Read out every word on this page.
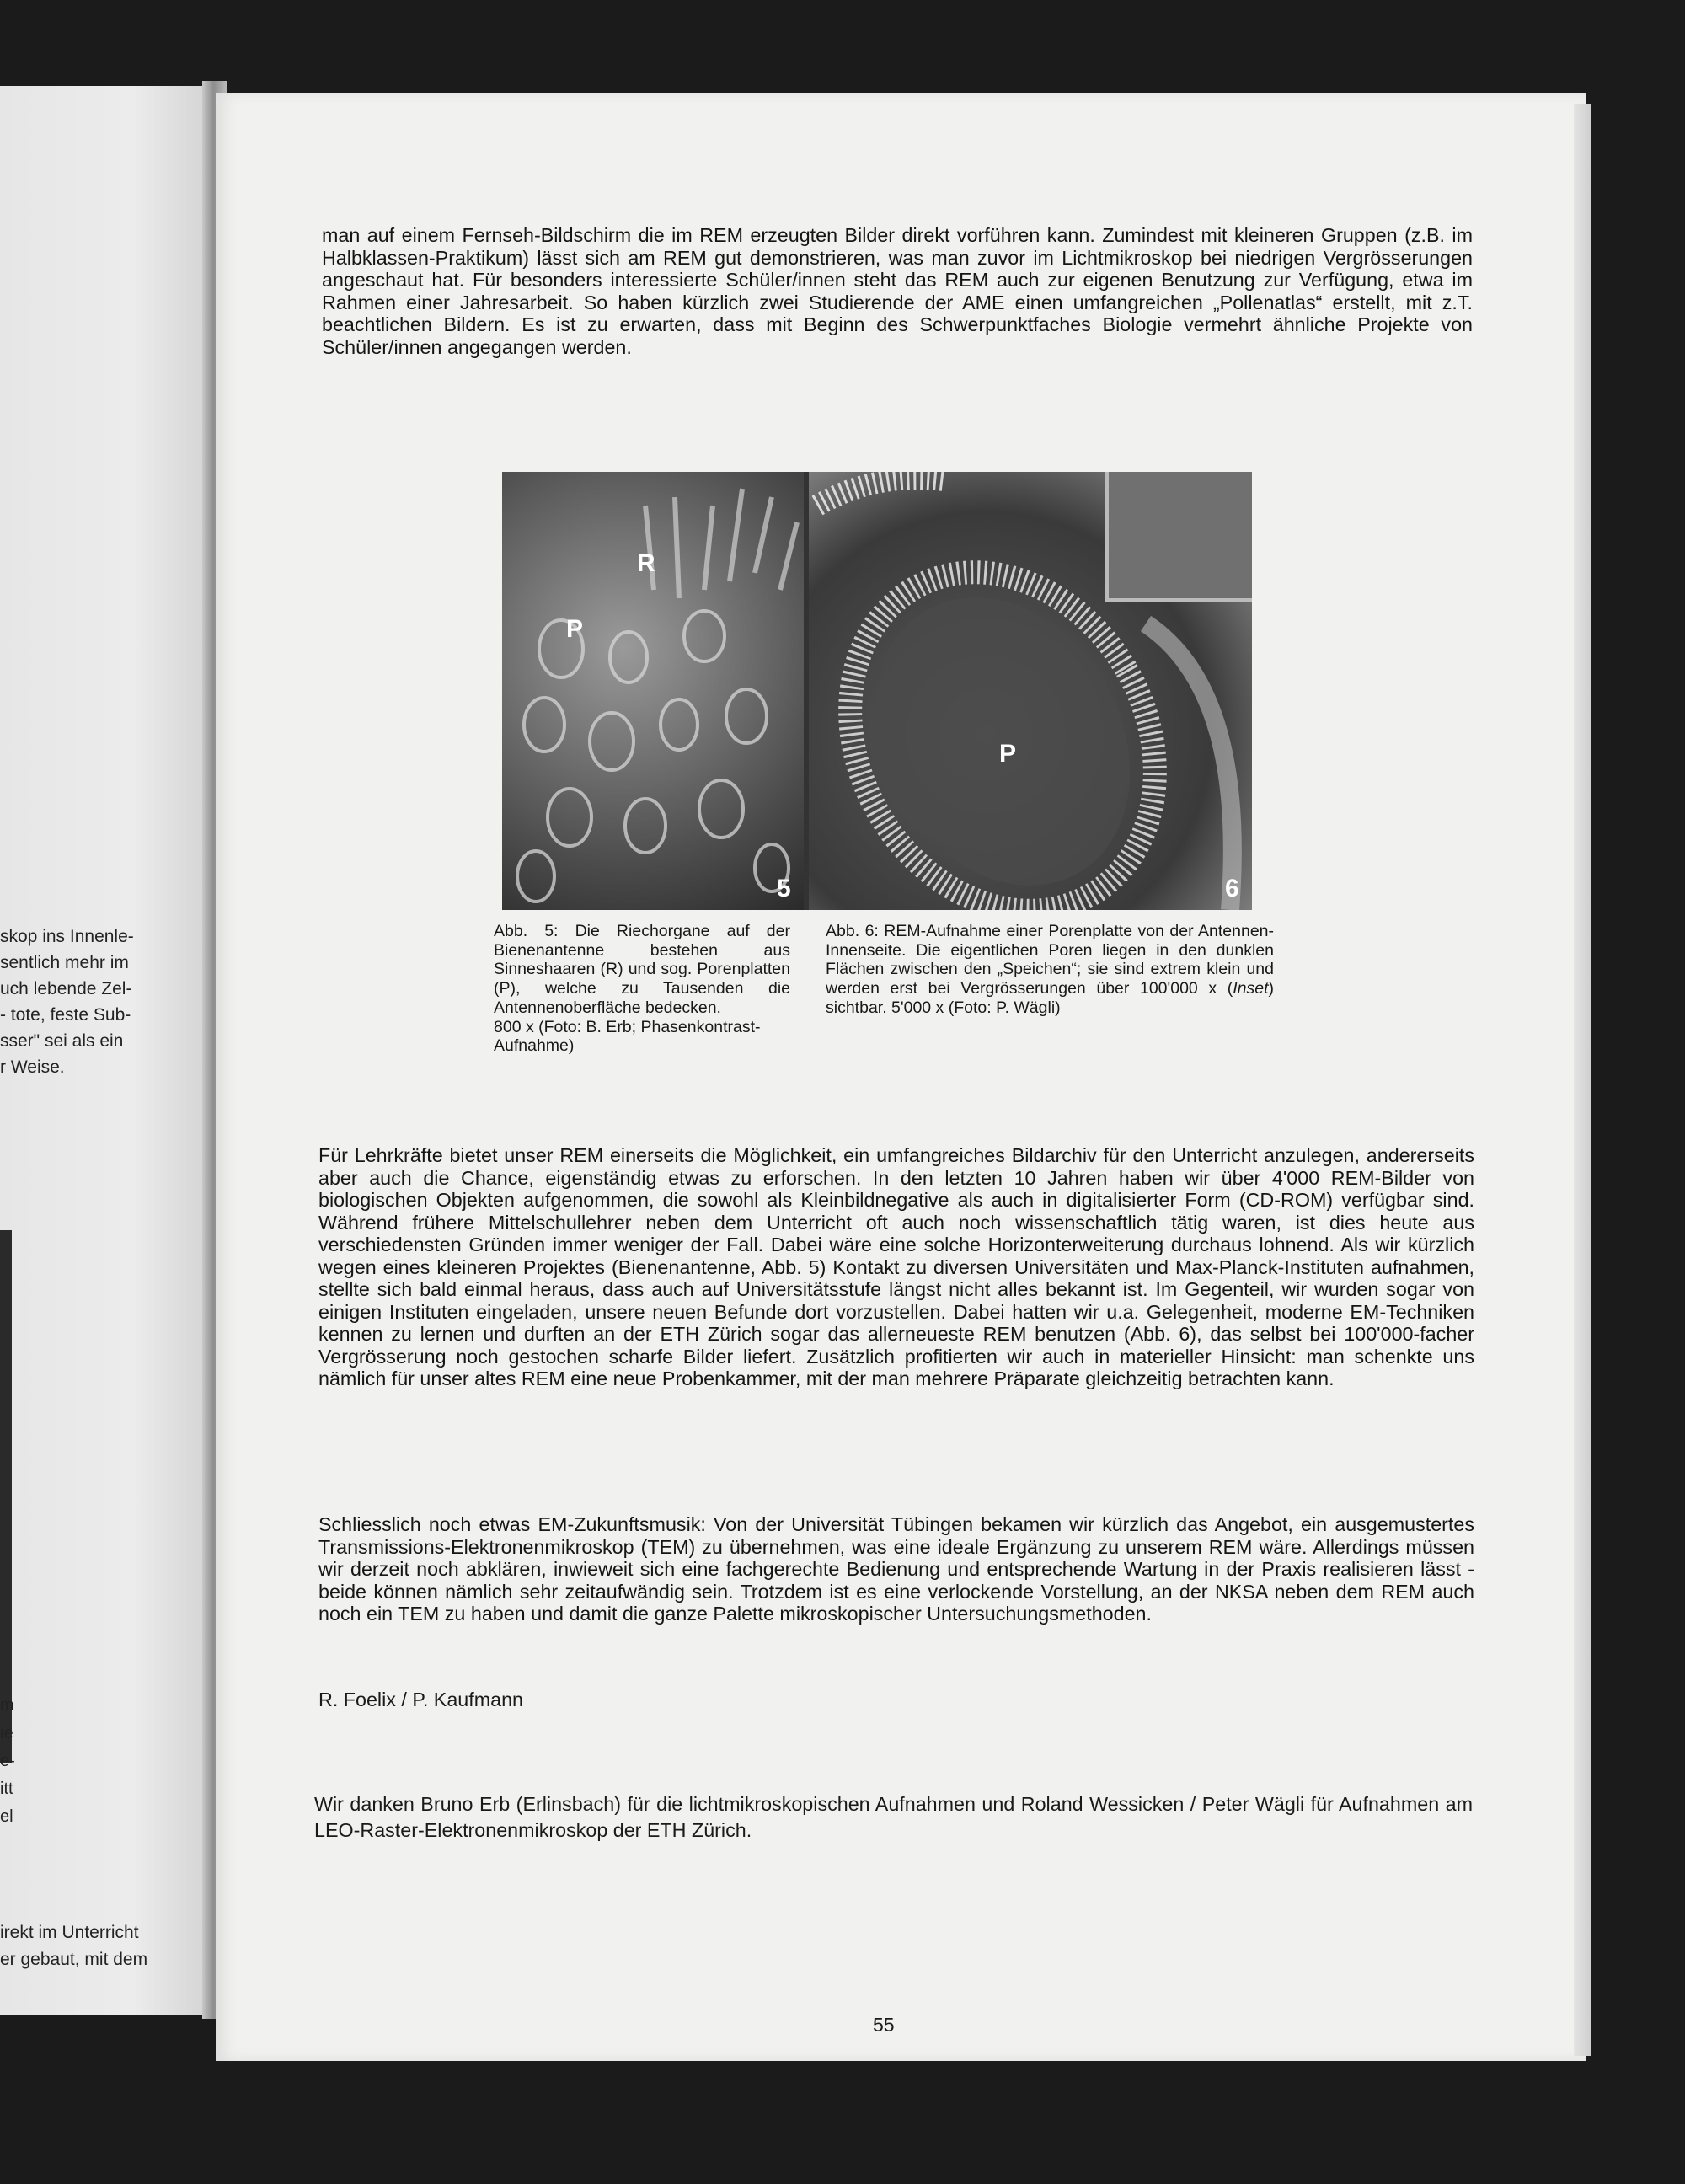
skop ins Innenle-
sentlich mehr im
uch lebende Zel-
- tote, feste Sub-
sser" sei als ein
r Weise.
m
ie
e-
itt
el
irekt im Unterricht
er gebaut, mit dem

man auf einem Fernseh-Bildschirm die im REM erzeugten Bilder direkt vorführen kann. Zumindest mit kleineren Gruppen (z.B. im Halbklassen-Praktikum) lässt sich am REM gut demonstrieren, was man zuvor im Lichtmikroskop bei niedrigen Vergrösserungen angeschaut hat. Für besonders interessierte Schüler/innen steht das REM auch zur eigenen Benutzung zur Verfügung, etwa im Rahmen einer Jahresarbeit. So haben kürzlich zwei Studierende der AME einen umfangreichen „Pollenatlas“ erstellt, mit z.T. beachtlichen Bildern. Es ist zu erwarten, dass mit Beginn des Schwerpunktfaches Biologie vermehrt ähnliche Projekte von Schüler/innen angegangen werden.

R
P
5
P
6

Abb. 5: Die Riechorgane auf der Bienenantenne bestehen aus Sinneshaaren (R) und sog. Porenplatten (P), welche zu Tausenden die Antennenoberfläche bedecken.

800 x (Foto: B. Erb; Phasenkontrast-Aufnahme)

Abb. 6: REM-Aufnahme einer Porenplatte von der Antennen-Innenseite. Die eigentlichen Poren liegen in den dunklen Flächen zwischen den „Speichen“; sie sind extrem klein und werden erst bei Vergrösserungen über 100'000 x (Inset) sichtbar. 5'000 x (Foto: P. Wägli)

Für Lehrkräfte bietet unser REM einerseits die Möglichkeit, ein umfangreiches Bildarchiv für den Unterricht anzulegen, andererseits aber auch die Chance, eigenständig etwas zu erforschen. In den letzten 10 Jahren haben wir über 4'000 REM-Bilder von biologischen Objekten aufgenommen, die sowohl als Kleinbildnegative als auch in digitalisierter Form (CD-ROM) verfügbar sind. Während frühere Mittelschullehrer neben dem Unterricht oft auch noch wissenschaftlich tätig waren, ist dies heute aus verschiedensten Gründen immer weniger der Fall. Dabei wäre eine solche Horizonterweiterung durchaus lohnend. Als wir kürzlich wegen eines kleineren Projektes (Bienenantenne, Abb. 5) Kontakt zu diversen Universitäten und Max-Planck-Instituten aufnahmen, stellte sich bald einmal heraus, dass auch auf Universitätsstufe längst nicht alles bekannt ist. Im Gegenteil, wir wurden sogar von einigen Instituten eingeladen, unsere neuen Befunde dort vorzustellen. Dabei hatten wir u.a. Gelegenheit, moderne EM-Techniken kennen zu lernen und durften an der ETH Zürich sogar das allerneueste REM benutzen (Abb. 6), das selbst bei 100'000-facher Vergrösserung noch gestochen scharfe Bilder liefert. Zusätzlich profitierten wir auch in materieller Hinsicht: man schenkte uns nämlich für unser altes REM eine neue Probenkammer, mit der man mehrere Präparate gleichzeitig betrachten kann.

Schliesslich noch etwas EM-Zukunftsmusik: Von der Universität Tübingen bekamen wir kürzlich das Angebot, ein ausgemustertes Transmissions-Elektronenmikroskop (TEM) zu übernehmen, was eine ideale Ergänzung zu unserem REM wäre. Allerdings müssen wir derzeit noch abklären, inwieweit sich eine fachgerechte Bedienung und entsprechende Wartung in der Praxis realisieren lässt - beide können nämlich sehr zeitaufwändig sein. Trotzdem ist es eine verlockende Vorstellung, an der NKSA neben dem REM auch noch ein TEM zu haben und damit die ganze Palette mikroskopischer Untersuchungsmethoden.

R. Foelix / P. Kaufmann

Wir danken Bruno Erb (Erlinsbach) für die lichtmikroskopischen Aufnahmen und Roland Wessicken / Peter Wägli für Aufnahmen am LEO-Raster-Elektronenmikroskop der ETH Zürich.

55
